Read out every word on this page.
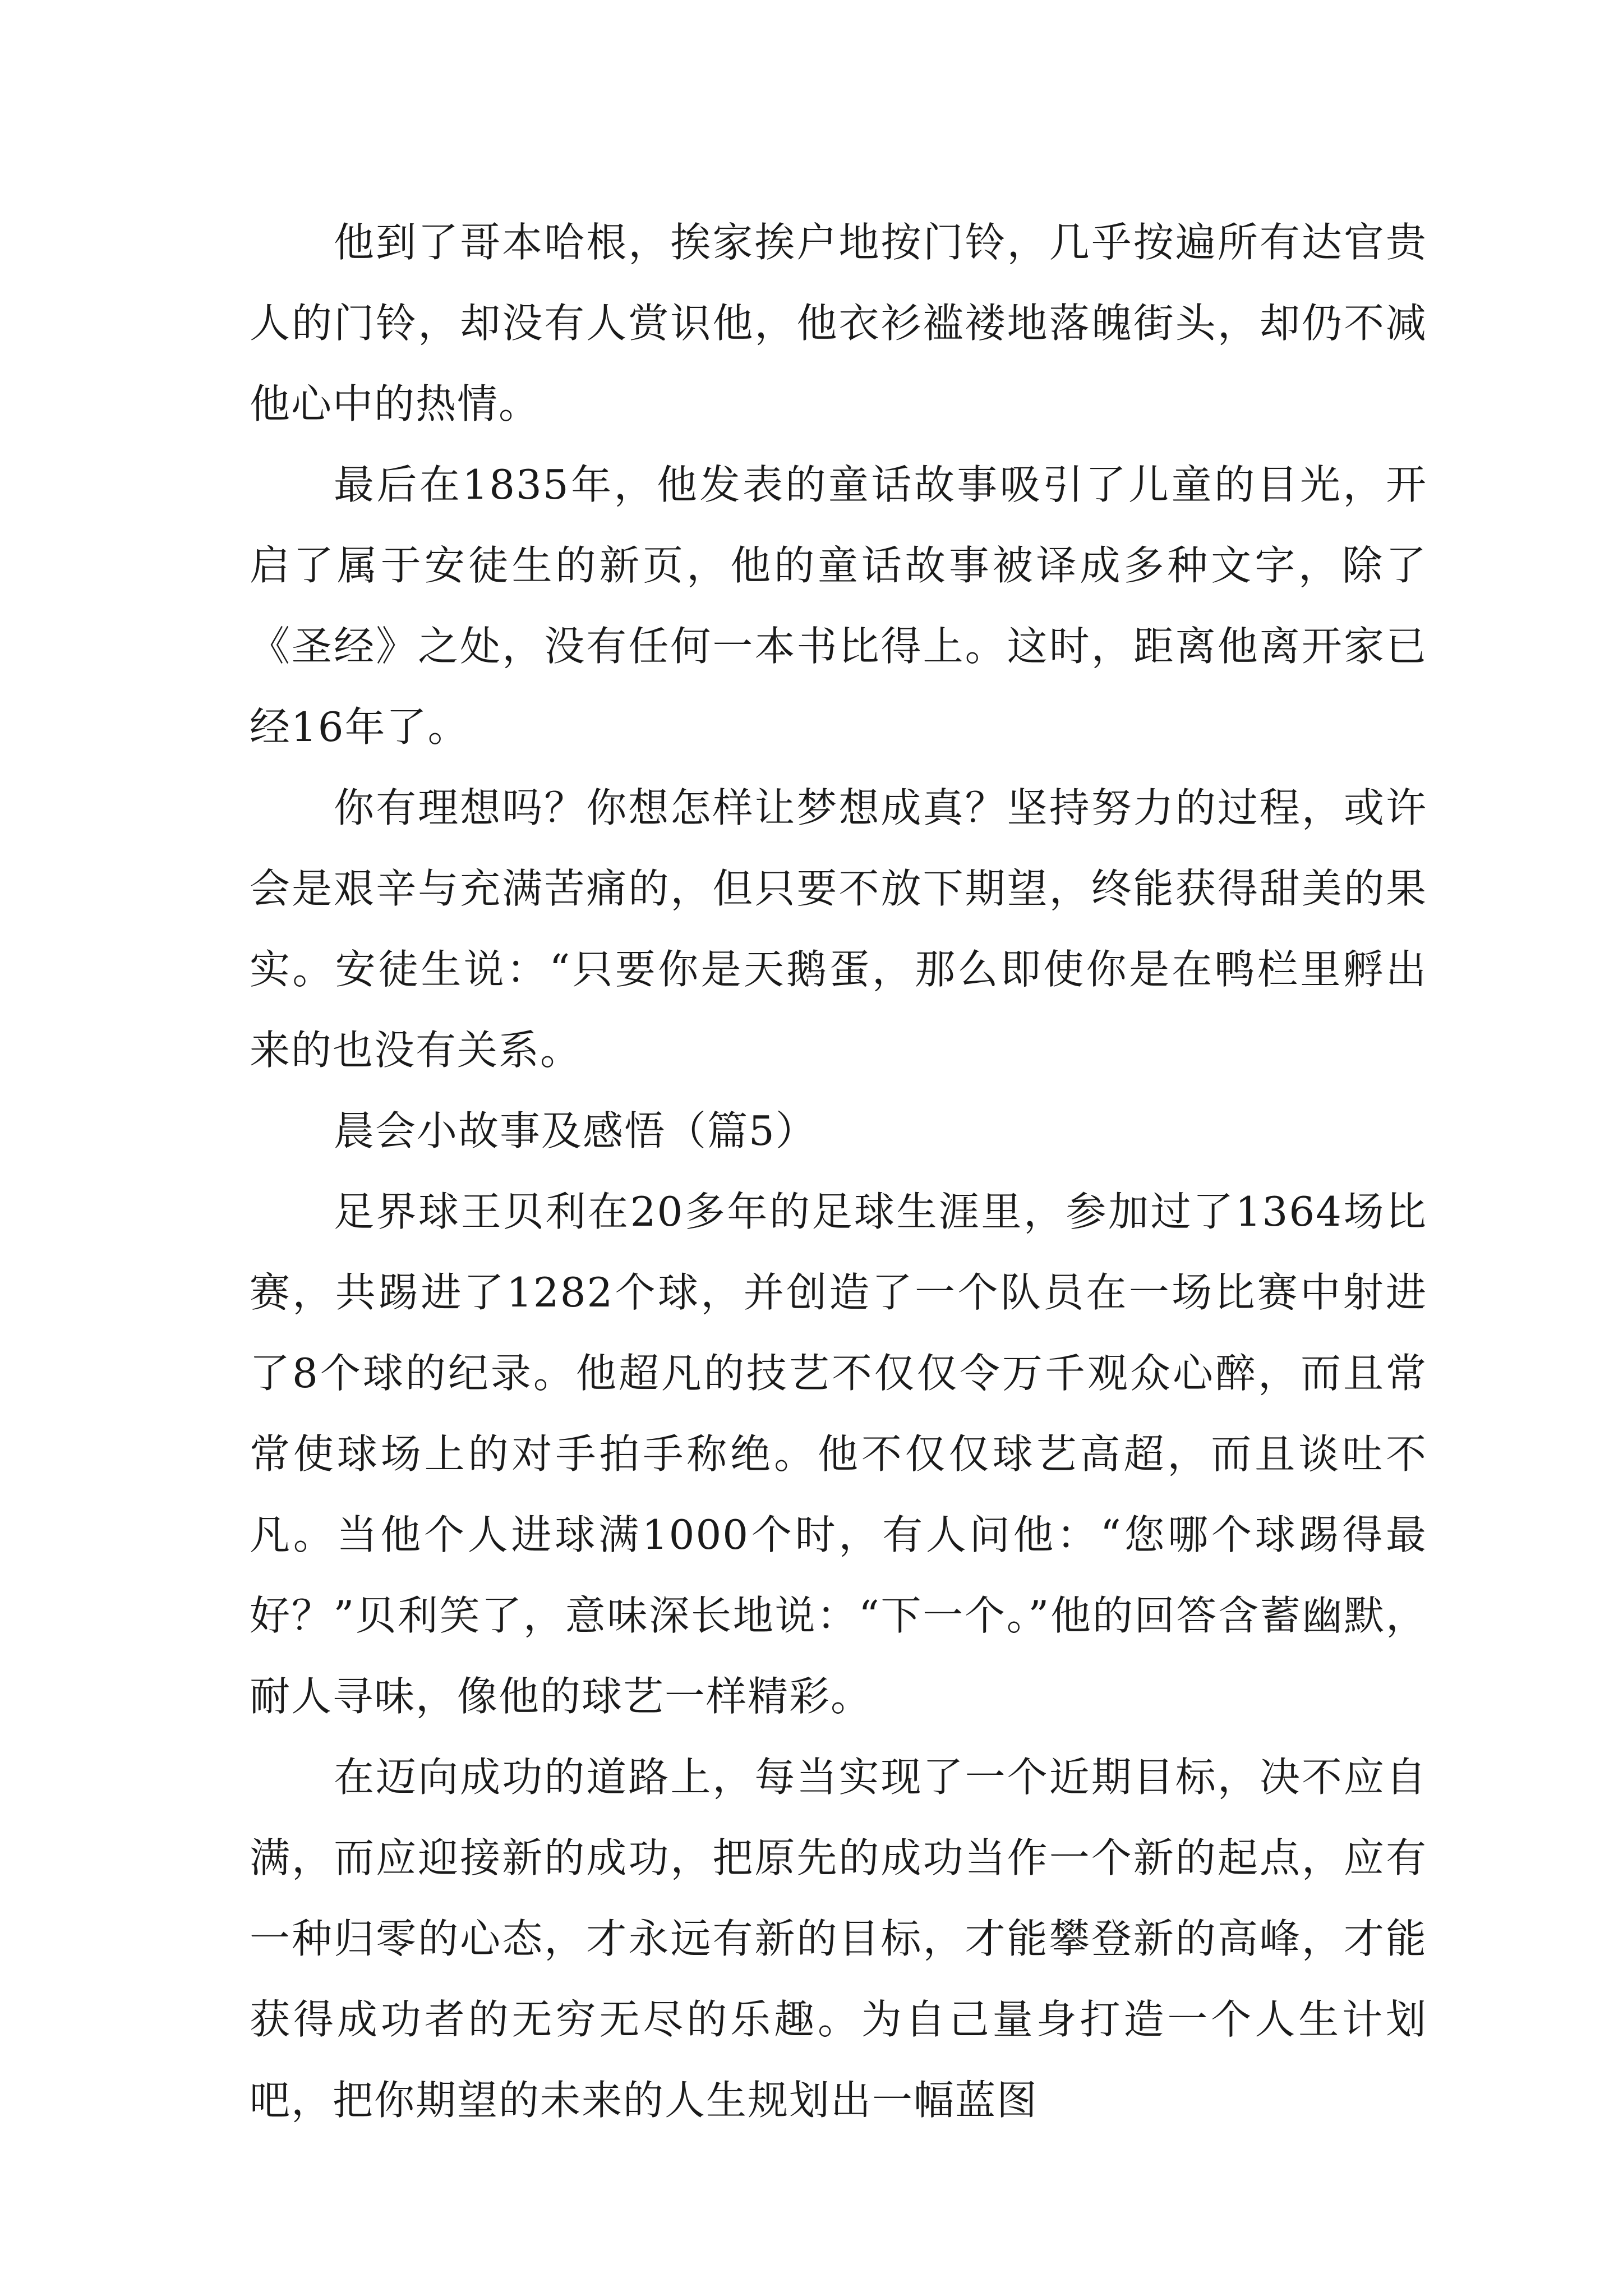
他到了哥本哈根，挨家挨户地按门铃，几乎按遍所有达官贵人的门铃，却没有人赏识他，他衣衫褴褛地落魄街头，却仍不减他心中的热情。

最后在1835年，他发表的童话故事吸引了儿童的目光，开启了属于安徒生的新页，他的童话故事被译成多种文字，除了《圣经》之处，没有任何一本书比得上。这时，距离他离开家已经16年了。

你有理想吗？你想怎样让梦想成真？坚持努力的过程，或许会是艰辛与充满苦痛的，但只要不放下期望，终能获得甜美的果实。安徒生说：“只要你是天鹅蛋，那么即使你是在鸭栏里孵出来的也没有关系。

晨会小故事及感悟（篇5）

足界球王贝利在20多年的足球生涯里，参加过了1364场比赛，共踢进了1282个球，并创造了一个队员在一场比赛中射进了8个球的纪录。他超凡的技艺不仅仅令万千观众心醉，而且常常使球场上的对手拍手称绝。他不仅仅球艺高超，而且谈吐不凡。当他个人进球满1000个时，有人问他：“您哪个球踢得最好？”贝利笑了，意味深长地说：“下一个。”他的回答含蓄幽默，耐人寻味，像他的球艺一样精彩。

在迈向成功的道路上，每当实现了一个近期目标，决不应自满，而应迎接新的成功，把原先的成功当作一个新的起点，应有一种归零的心态，才永远有新的目标，才能攀登新的高峰，才能获得成功者的无穷无尽的乐趣。为自己量身打造一个人生计划吧，把你期望的未来的人生规划出一幅蓝图
